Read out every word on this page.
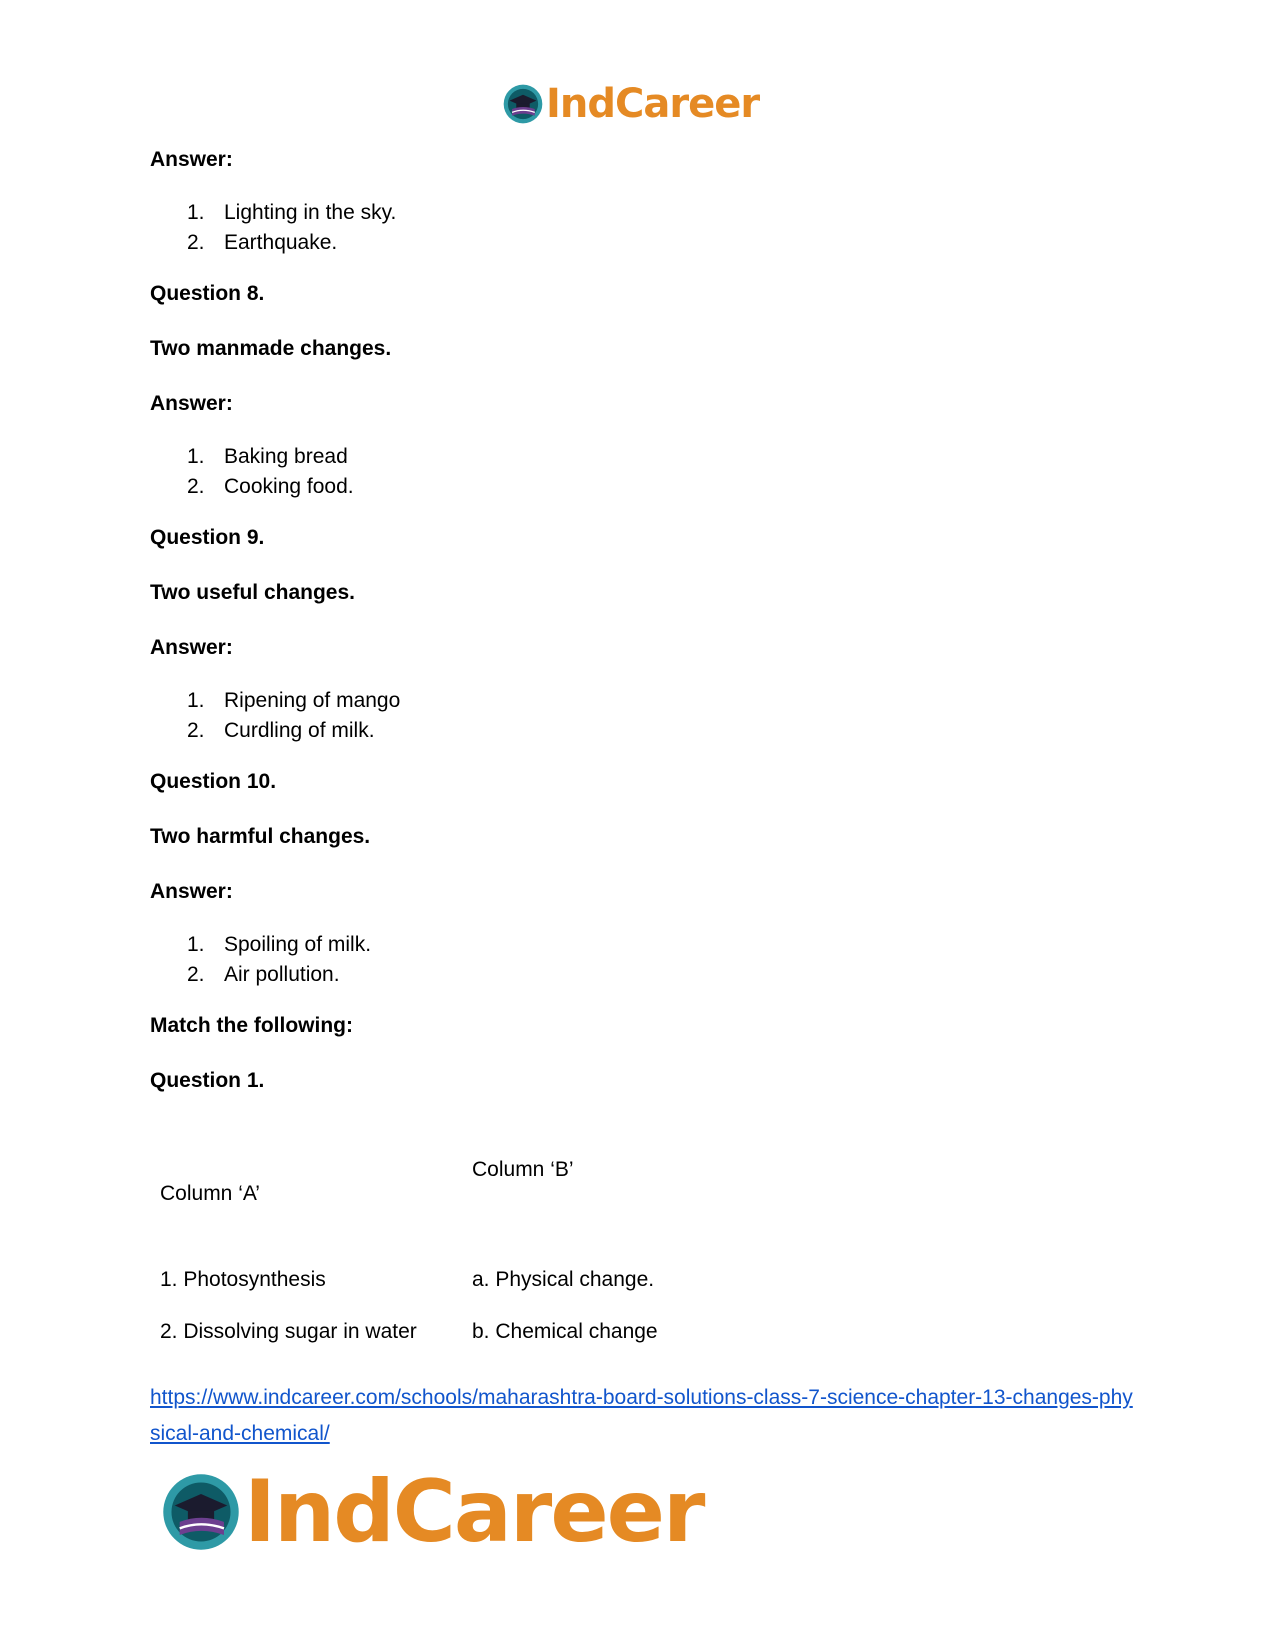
IndCareer
Answer:
1. Lighting in the sky.
2. Earthquake.
Question 8.
Two manmade changes.
Answer:
1. Baking bread
2. Cooking food.
Question 9.
Two useful changes.
Answer:
1. Ripening of mango
2. Curdling of milk.
Question 10.
Two harmful changes.
Answer:
1. Spoiling of milk.
2. Air pollution.
Match the following:
Question 1.
Column ‘A’
Column ‘B’
1. Photosynthesis	a. Physical change.
2. Dissolving sugar in water	b. Chemical change
https://www.indcareer.com/schools/maharashtra-board-solutions-class-7-science-chapter-13-changes-physical-and-chemical/
IndCareer
